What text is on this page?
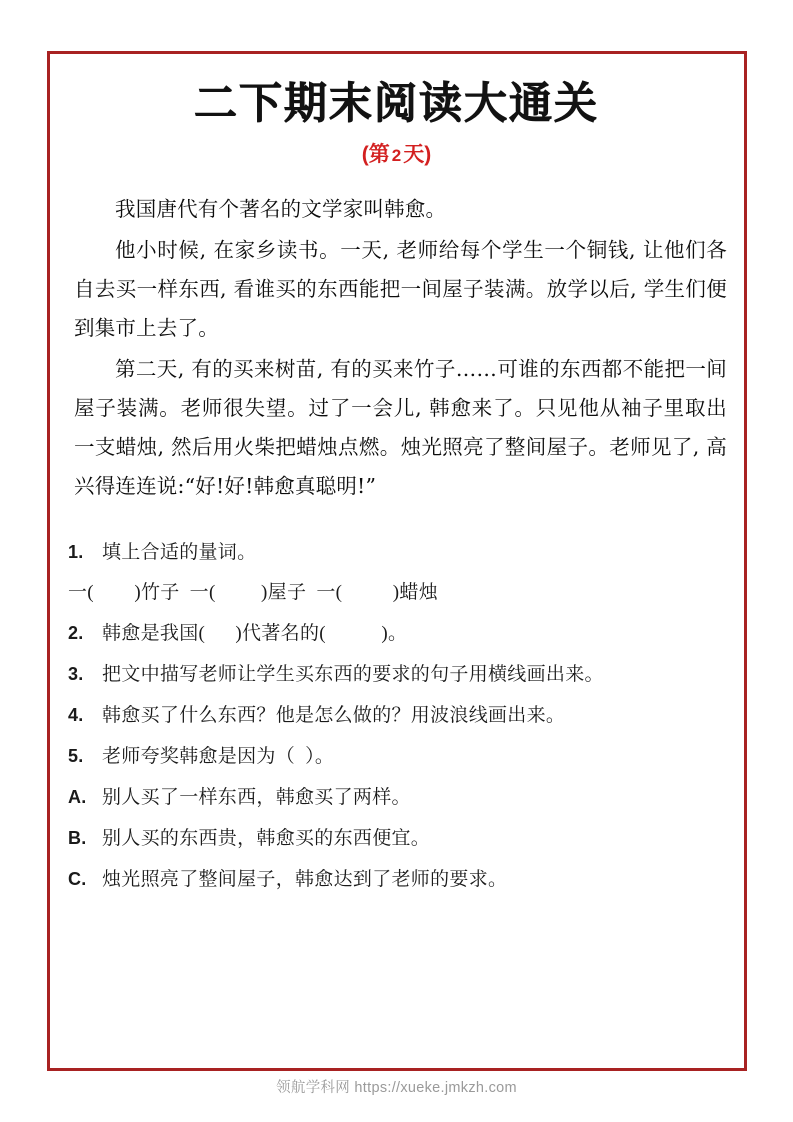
二下期末阅读大通关
(第 2天)

我国唐代有个著名的文学家叫韩愈。

他小时候, 在家乡读书。一天, 老师给每个学生一个铜钱, 让他们各自去买一样东西, 看谁买的东西能把一间屋子装满。放学以后, 学生们便到集市上去了。

第二天, 有的买来树苗, 有的买来竹子……可谁的东西都不能把一间屋子装满。老师很失望。过了一会儿, 韩愈来了。只见他从袖子里取出一支蜡烛, 然后用火柴把蜡烛点燃。烛光照亮了整间屋子。老师见了, 高兴得连连说:“好!好!韩愈真聪明!”

1. 填上合适的量词。
一(        )竹子  一(         )屋子  一(          )蜡烛
2. 韩愈是我国(      )代著名的(           )。
3. 把文中描写老师让学生买东西的要求的句子用横线画出来。
4. 韩愈买了什么东西？他是怎么做的？用波浪线画出来。
5. 老师夸奖韩愈是因为（  ）。
A. 别人买了一样东西，韩愈买了两样。
B. 别人买的东西贵，韩愈买的东西便宜。
C. 烛光照亮了整间屋子，韩愈达到了老师的要求。
领航学科网 https://xueke.jmkzh.com
